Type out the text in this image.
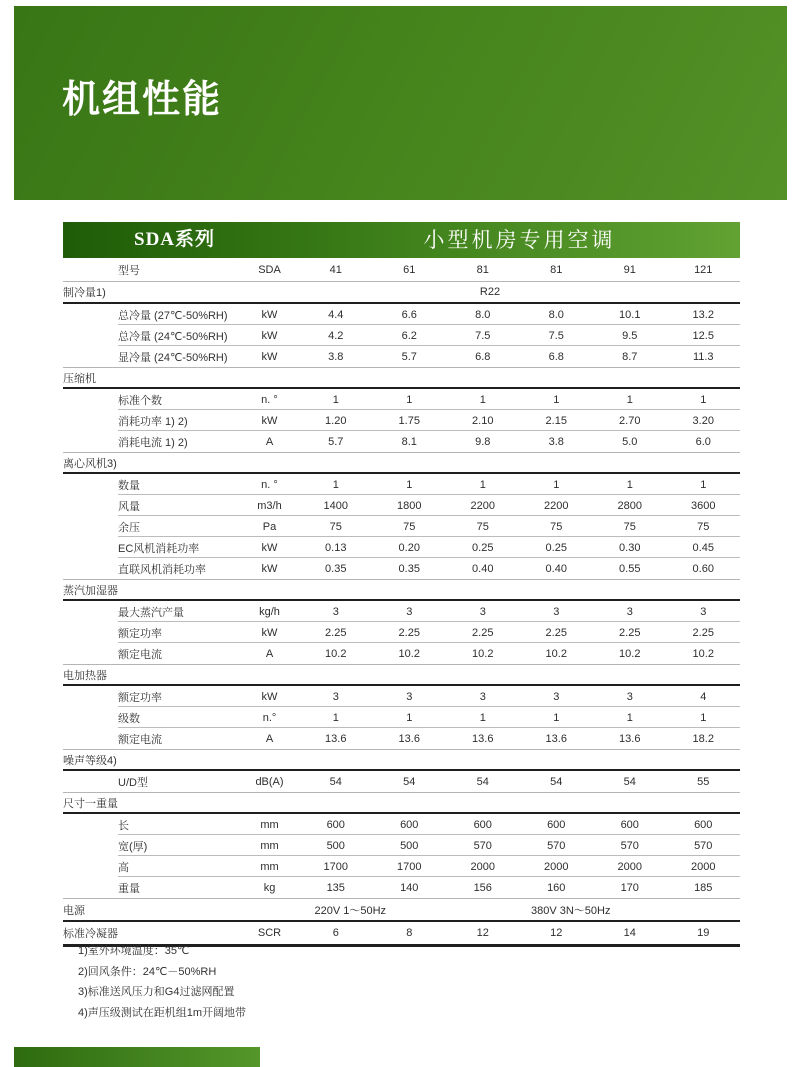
机组性能
SDA系列	小型机房专用空调
型号	SDA	41	61	81	81	91	121
制冷量1)	R22
总冷量 (27℃-50%RH)	kW	4.4	6.6	8.0	8.0	10.1	13.2
总冷量 (24℃-50%RH)	kW	4.2	6.2	7.5	7.5	9.5	12.5
显冷量 (24℃-50%RH)	kW	3.8	5.7	6.8	6.8	8.7	11.3
压缩机
标准个数	n. °	1	1	1	1	1	1
消耗功率 1) 2)	kW	1.20	1.75	2.10	2.15	2.70	3.20
消耗电流 1) 2)	A	5.7	8.1	9.8	3.8	5.0	6.0
离心风机3)
数量	n. °	1	1	1	1	1	1
风量	m3/h	1400	1800	2200	2200	2800	3600
余压	Pa	75	75	75	75	75	75
EC风机消耗功率	kW	0.13	0.20	0.25	0.25	0.30	0.45
直联风机消耗功率	kW	0.35	0.35	0.40	0.40	0.55	0.60
蒸汽加湿器
最大蒸汽产量	kg/h	3	3	3	3	3	3
额定功率	kW	2.25	2.25	2.25	2.25	2.25	2.25
额定电流	A	10.2	10.2	10.2	10.2	10.2	10.2
电加热器
额定功率	kW	3	3	3	3	3	4
级数	n.°	1	1	1	1	1	1
额定电流	A	13.6	13.6	13.6	13.6	13.6	18.2
噪声等级4)
U/D型	dB(A)	54	54	54	54	54	55
尺寸一重量
长	mm	600	600	600	600	600	600
宽(厚)	mm	500	500	570	570	570	570
高	mm	1700	1700	2000	2000	2000	2000
重量	kg	135	140	156	160	170	185
电源	220V 1～50Hz	380V 3N～50Hz
标准冷凝器	SCR	6	8	12	12	14	19
1)室外环境温度：35℃
2)回风条件：24℃－50%RH
3)标准送风压力和G4过滤网配置
4)声压级测试在距机组1m开阔地带
